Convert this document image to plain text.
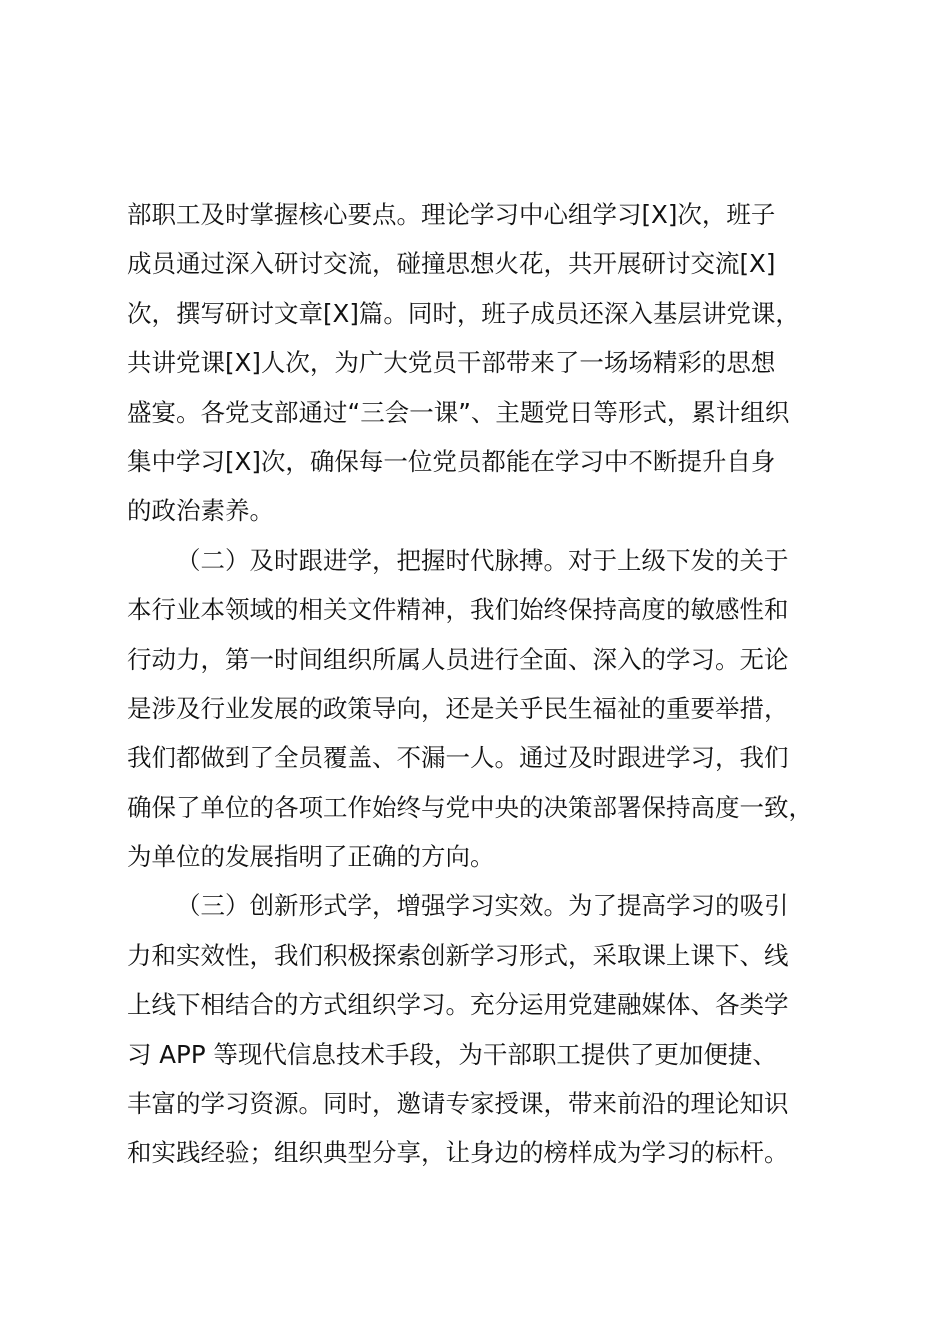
部职工及时掌握核心要点。理论学习中心组学习[X]次，班子
成员通过深入研讨交流，碰撞思想火花，共开展研讨交流[X]
次，撰写研讨文章[X]篇。同时，班子成员还深入基层讲党课，
共讲党课[X]人次，为广大党员干部带来了一场场精彩的思想
盛宴。各党支部通过“三会一课”、主题党日等形式，累计组织
集中学习[X]次，确保每一位党员都能在学习中不断提升自身
的政治素养。
（二）及时跟进学，把握时代脉搏。对于上级下发的关于
本行业本领域的相关文件精神，我们始终保持高度的敏感性和
行动力，第一时间组织所属人员进行全面、深入的学习。无论
是涉及行业发展的政策导向，还是关乎民生福祉的重要举措，
我们都做到了全员覆盖、不漏一人。通过及时跟进学习，我们
确保了单位的各项工作始终与党中央的决策部署保持高度一致，
为单位的发展指明了正确的方向。
（三）创新形式学，增强学习实效。为了提高学习的吸引
力和实效性，我们积极探索创新学习形式，采取课上课下、线
上线下相结合的方式组织学习。充分运用党建融媒体、各类学
习 APP 等现代信息技术手段，为干部职工提供了更加便捷、
丰富的学习资源。同时，邀请专家授课，带来前沿的理论知识
和实践经验；组织典型分享，让身边的榜样成为学习的标杆。
